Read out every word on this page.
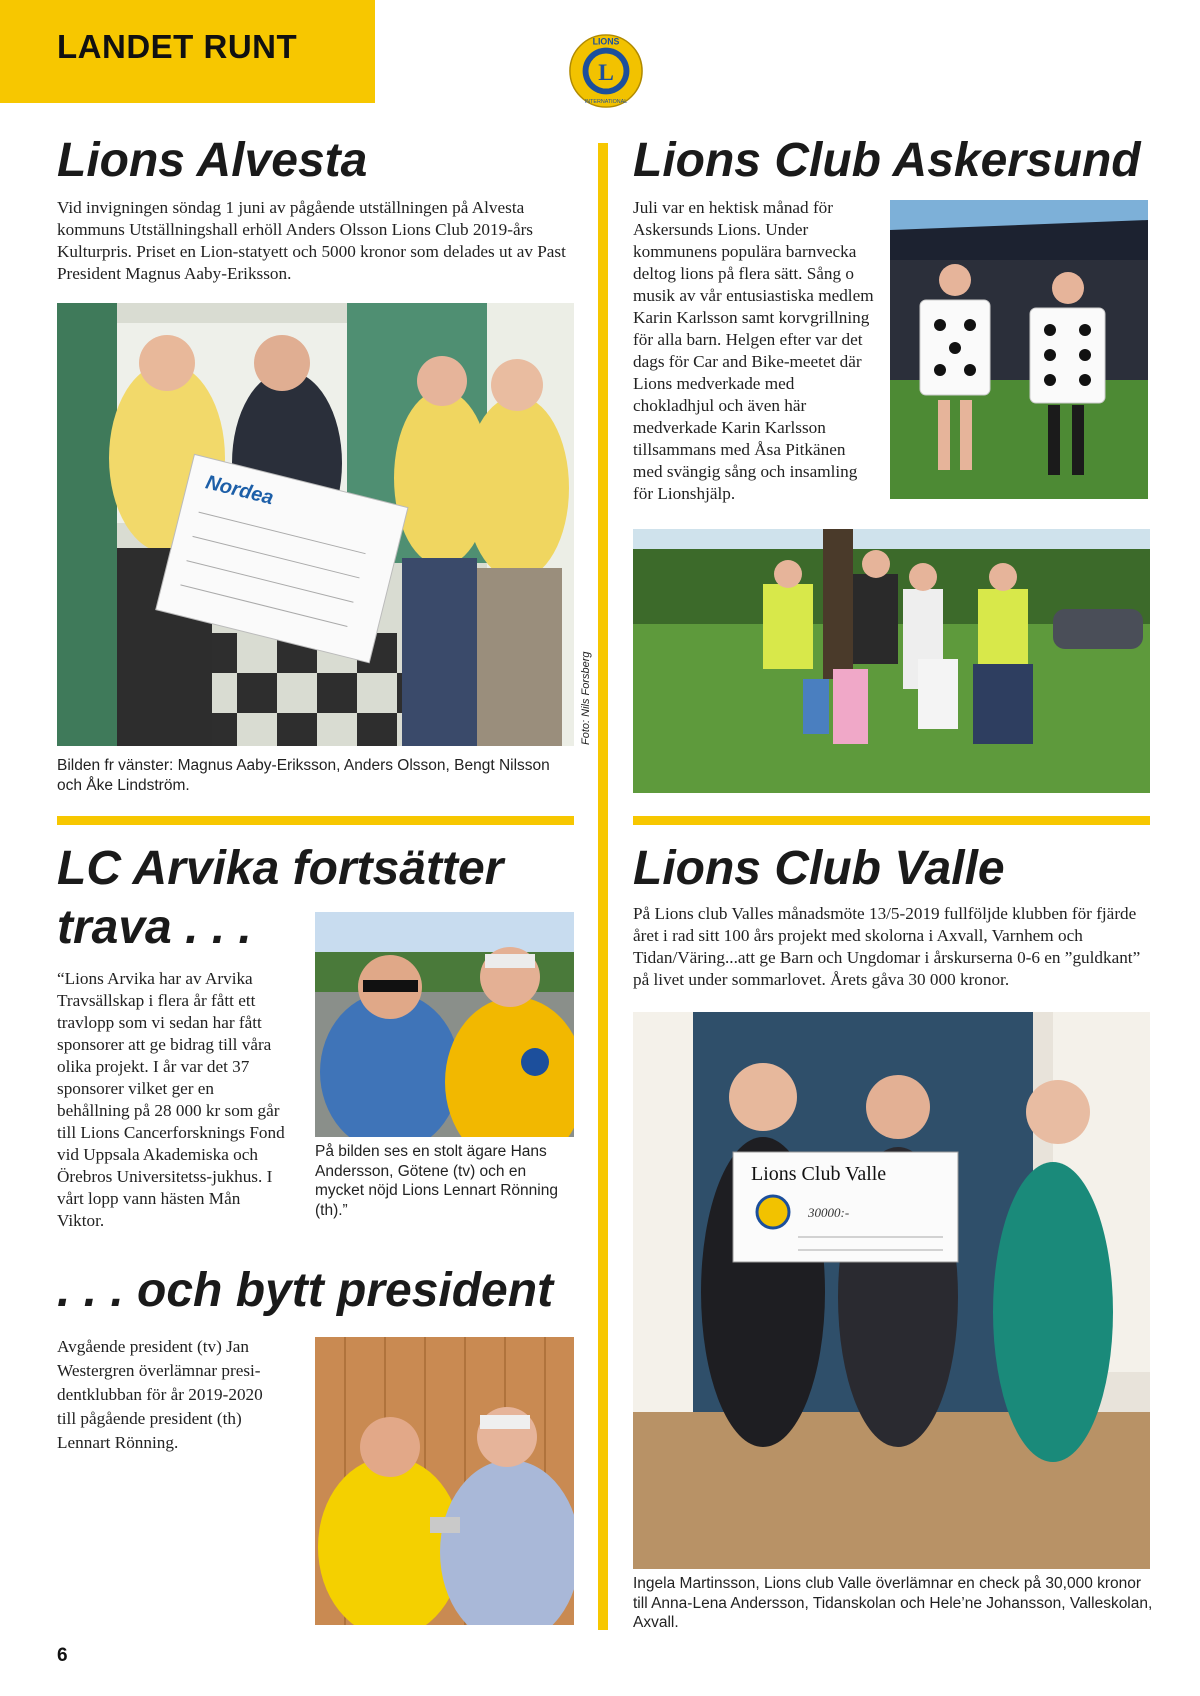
LANDET RUNT
L
LIONS
INTERNATIONAL
Lions Alvesta
Vid invigningen söndag 1 juni av pågående utställningen på Alvesta kommuns Utställningshall erhöll Anders Olsson Lions Club 2019-års Kulturpris. Priset en Lion-statyett och 5000 kronor som delades ut av Past President Magnus Aaby-Eriksson.
Nordea
Foto: Nils Forsberg
Bilden fr vänster: Magnus Aaby-Eriksson, Anders Olsson, Bengt Nilsson och Åke Lindström.
Lions Club Askersund
Juli var en hektisk månad för Askersunds Lions. Under kommunens populära barnvecka deltog lions på flera sätt. Sång o musik av vår entusiastiska medlem Karin Karlsson samt korvgrillning för alla barn. Helgen efter var det dags för Car and Bike-meetet där Lions medverkade med chokladhjul och även här medverkade Karin Karlsson tillsammans med Åsa Pitkänen med svängig sång och insamling för Lionshjälp.
LC Arvika fortsätter
trava . . .
“Lions Arvika har av Arvika Travsällskap i flera år fått ett travlopp som vi sedan har fått sponsorer att ge bidrag till våra olika projekt. I år var det 37 sponsorer vilket ger en behållning på 28 000 kr som går till Lions Cancerforsknings Fond vid Uppsala Akademiska och Örebros Universitetss-jukhus. I vårt lopp vann hästen Mån Viktor.
På bilden ses en stolt ägare Hans Andersson, Götene (tv) och en mycket nöjd Lions Lennart Rönning (th).”
. . . och bytt president
Avgående president (tv) Jan Westergren överlämnar presi-dentklubban för år 2019-2020 till pågående president (th) Lennart Rönning.
Lions Club Valle
På Lions club Valles månadsmöte 13/5-2019 fullföljde klubben för fjärde året i rad sitt 100 års projekt med skolorna i Axvall, Varnhem och Tidan/Väring...att ge Barn och Ungdomar i årskurserna 0-6 en ”guldkant” på livet under sommarlovet. Årets gåva 30 000 kronor.
Lions Club Valle
30000:-
Ingela Martinsson, Lions club Valle överlämnar en check på 30,000 kronor till Anna-Lena Andersson, Tidanskolan och Hele’ne Johansson, Valleskolan, Axvall.
6
